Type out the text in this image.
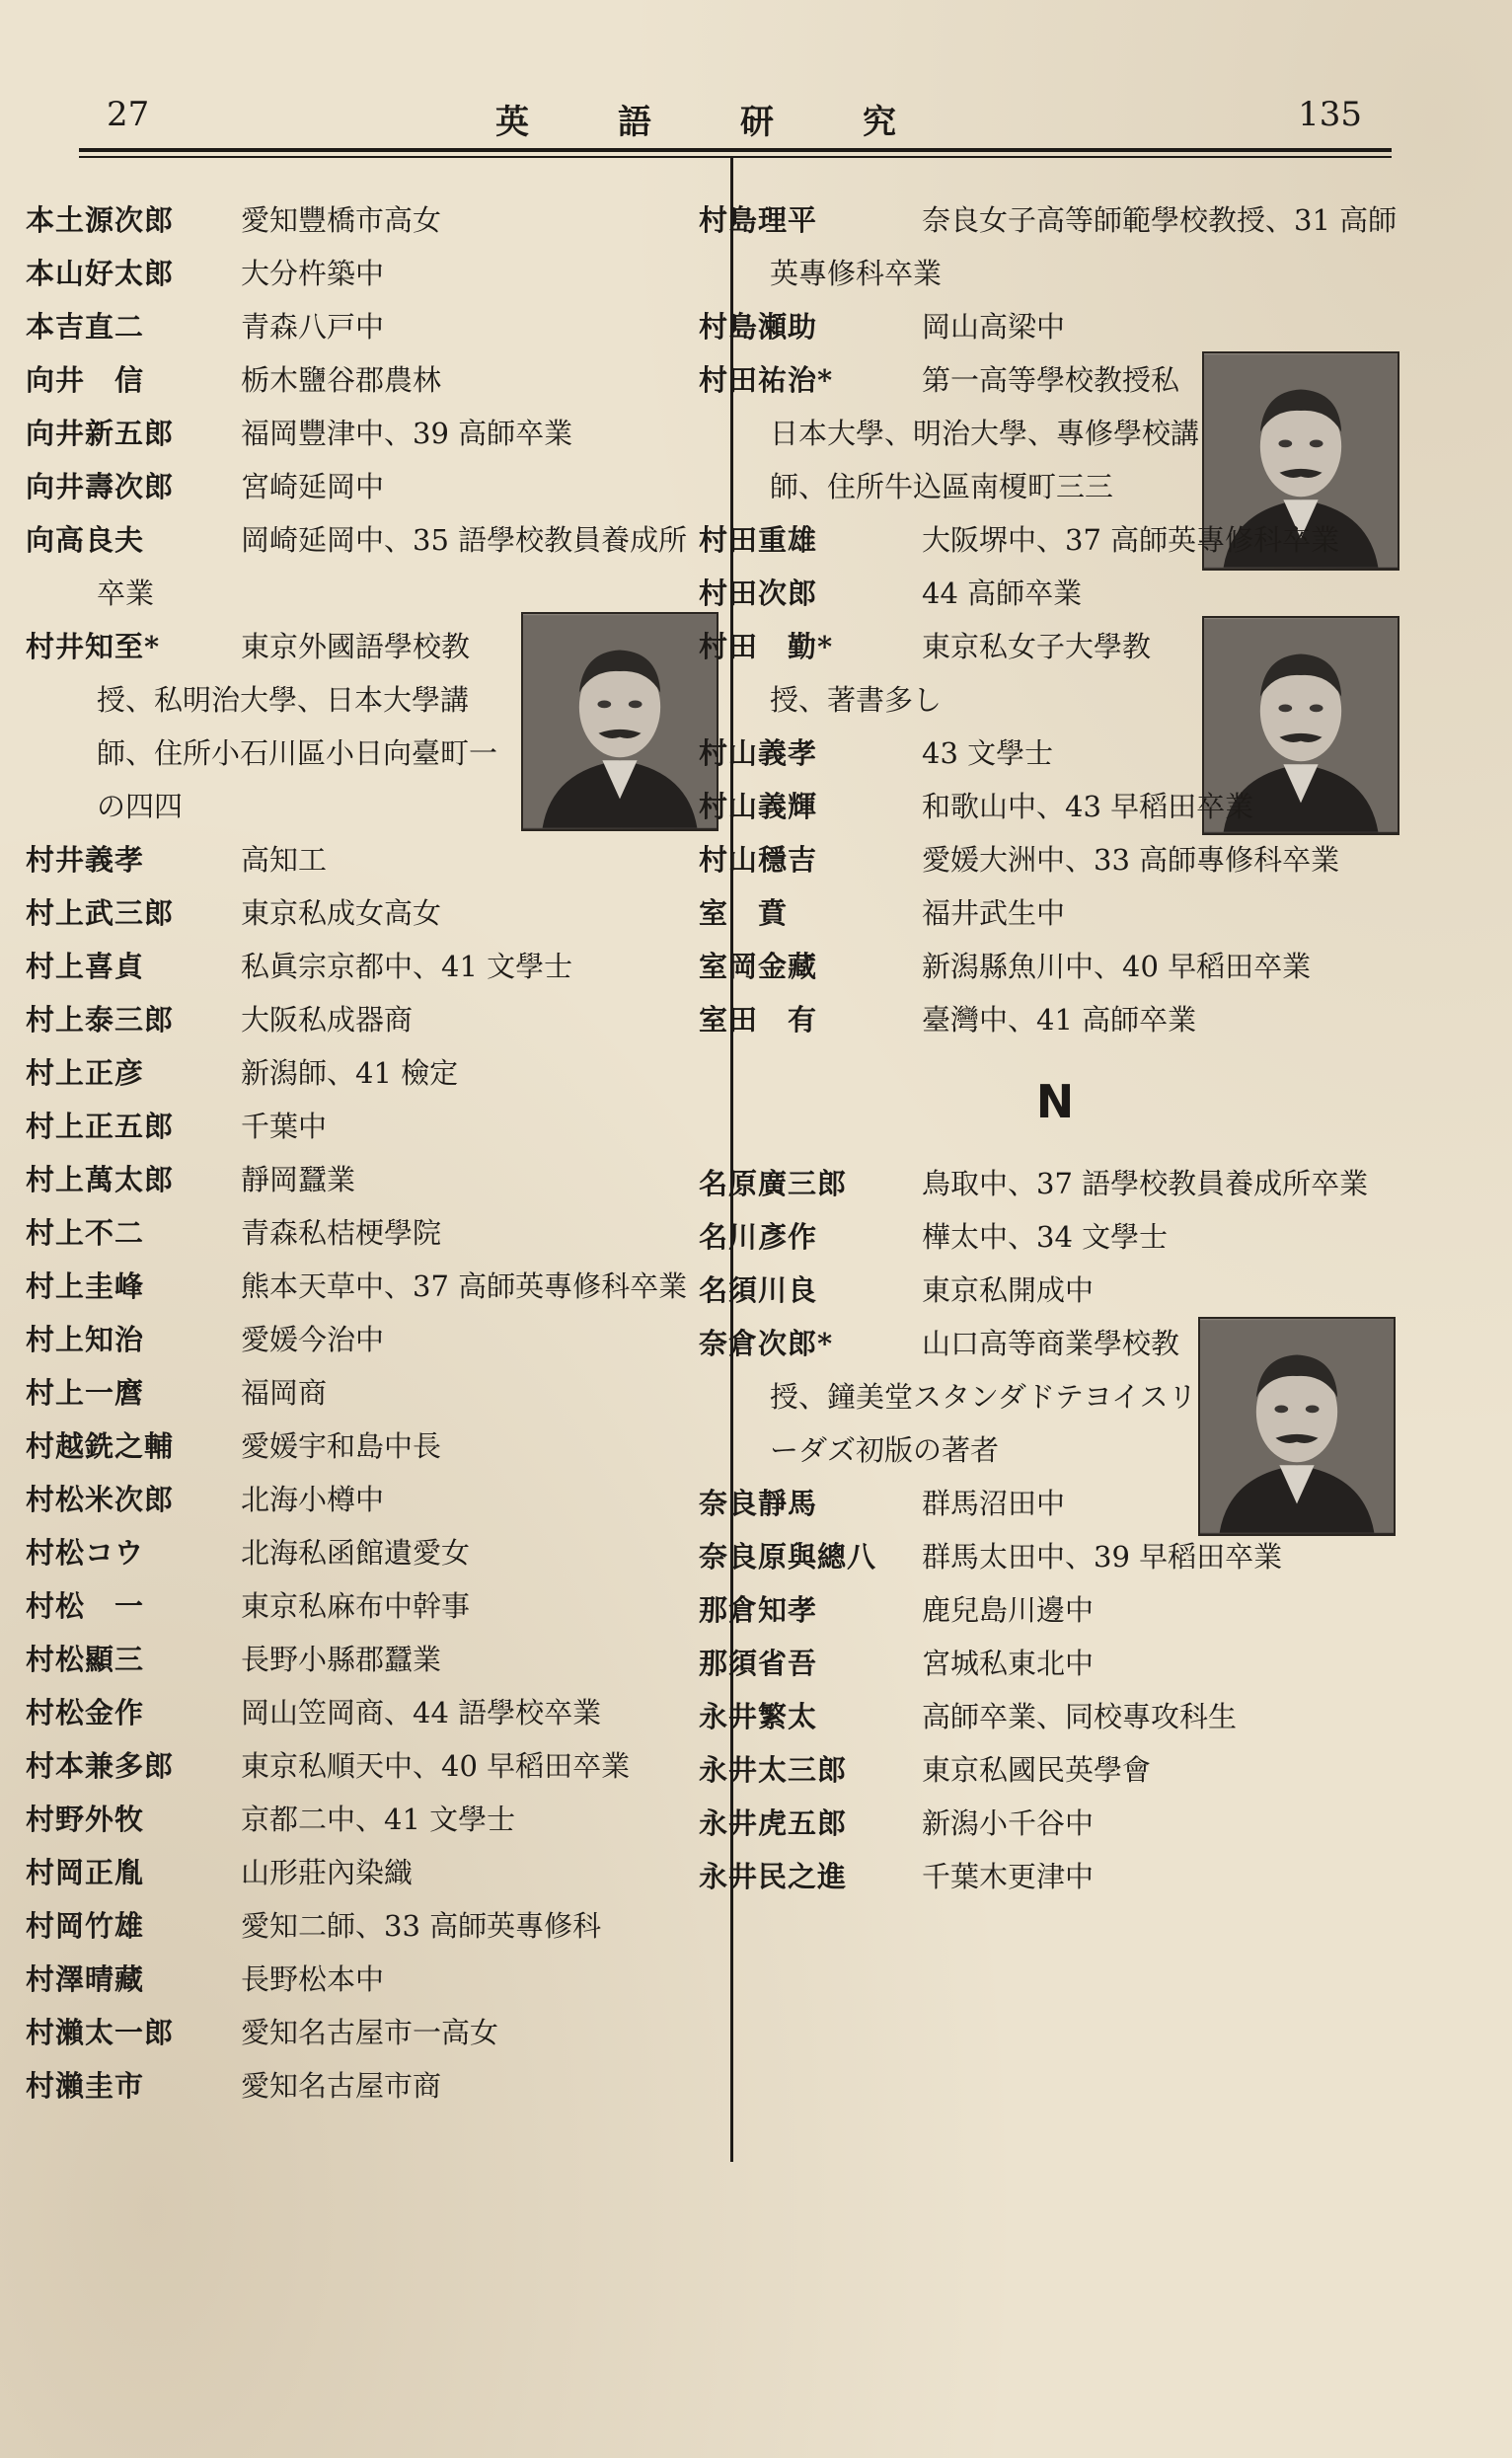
27	英語研究	135
本土源次郎 愛知豐橋市高女
本山好太郎 大分杵築中
本吉直二	青森八戸中
向井　信	栃木鹽谷郡農林
向井新五郎 福岡豐津中、39 高師卒業
向井壽次郎 宮崎延岡中
向高良夫	岡崎延岡中、35 語學校教員養成所卒業
村井知至*	東京外國語學校教授、私明治大學、日本大學講師、住所小石川區小日向臺町一の四四
村井義孝	高知工
村上武三郎 東京私成女高女
村上喜貞	私眞宗京都中、41 文學士
村上泰三郎 大阪私成器商
村上正彦	新潟師、41 檢定
村上正五郎 千葉中
村上萬太郎 靜岡蠶業
村上不二	青森私桔梗學院
村上圭峰	熊本天草中、37 高師英專修科卒業
村上知治	愛媛今治中
村上一麿	福岡商
村越銑之輔 愛媛宇和島中長
村松米次郎 北海小樽中
村松コウ	北海私函館遺愛女
村松　一	東京私麻布中幹事
村松顯三	長野小縣郡蠶業
村松金作	岡山笠岡商、44 語學校卒業
村本兼多郎 東京私順天中、40 早稻田卒業
村野外牧	京都二中、41 文學士
村岡正胤	山形莊內染織
村岡竹雄	愛知二師、33 高師英專修科
村澤晴藏	長野松本中
村瀨太一郎 愛知名古屋市一高女
村瀨圭市	愛知名古屋市商
村島理平	奈良女子高等師範學校教授、31 高師英專修科卒業
村島瀬助	岡山高梁中
村田祐治*	第一高等學校教授私日本大學、明治大學、專修學校講師、住所牛込區南榎町三三
村田重雄	大阪堺中、37 高師英專修科卒業
村田次郎	44 高師卒業
村田　勤*	東京私女子大學教授、著書多し
村山義孝	43 文學士
村山義輝	和歌山中、43 早稻田卒業
村山穩吉	愛媛大洲中、33 高師專修科卒業
室　賁	福井武生中
室岡金藏	新潟縣魚川中、40 早稻田卒業
室田　有	臺灣中、41 高師卒業
N
名原廣三郎	鳥取中、37 語學校教員養成所卒業
名川彥作	樺太中、34 文學士
名須川良	東京私開成中
奈倉次郎*	山口高等商業學校教授、鐘美堂スタンダドテヨイスリーダズ初版の著者
奈良靜馬	群馬沼田中
奈良原與總八 群馬太田中、39 早稻田卒業
那倉知孝	鹿兒島川邊中
那須省吾	宮城私東北中
永井繁太	高師卒業、同校專攻科生
永井太三郎	東京私國民英學會
永井虎五郎	新潟小千谷中
永井民之進	千葉木更津中
